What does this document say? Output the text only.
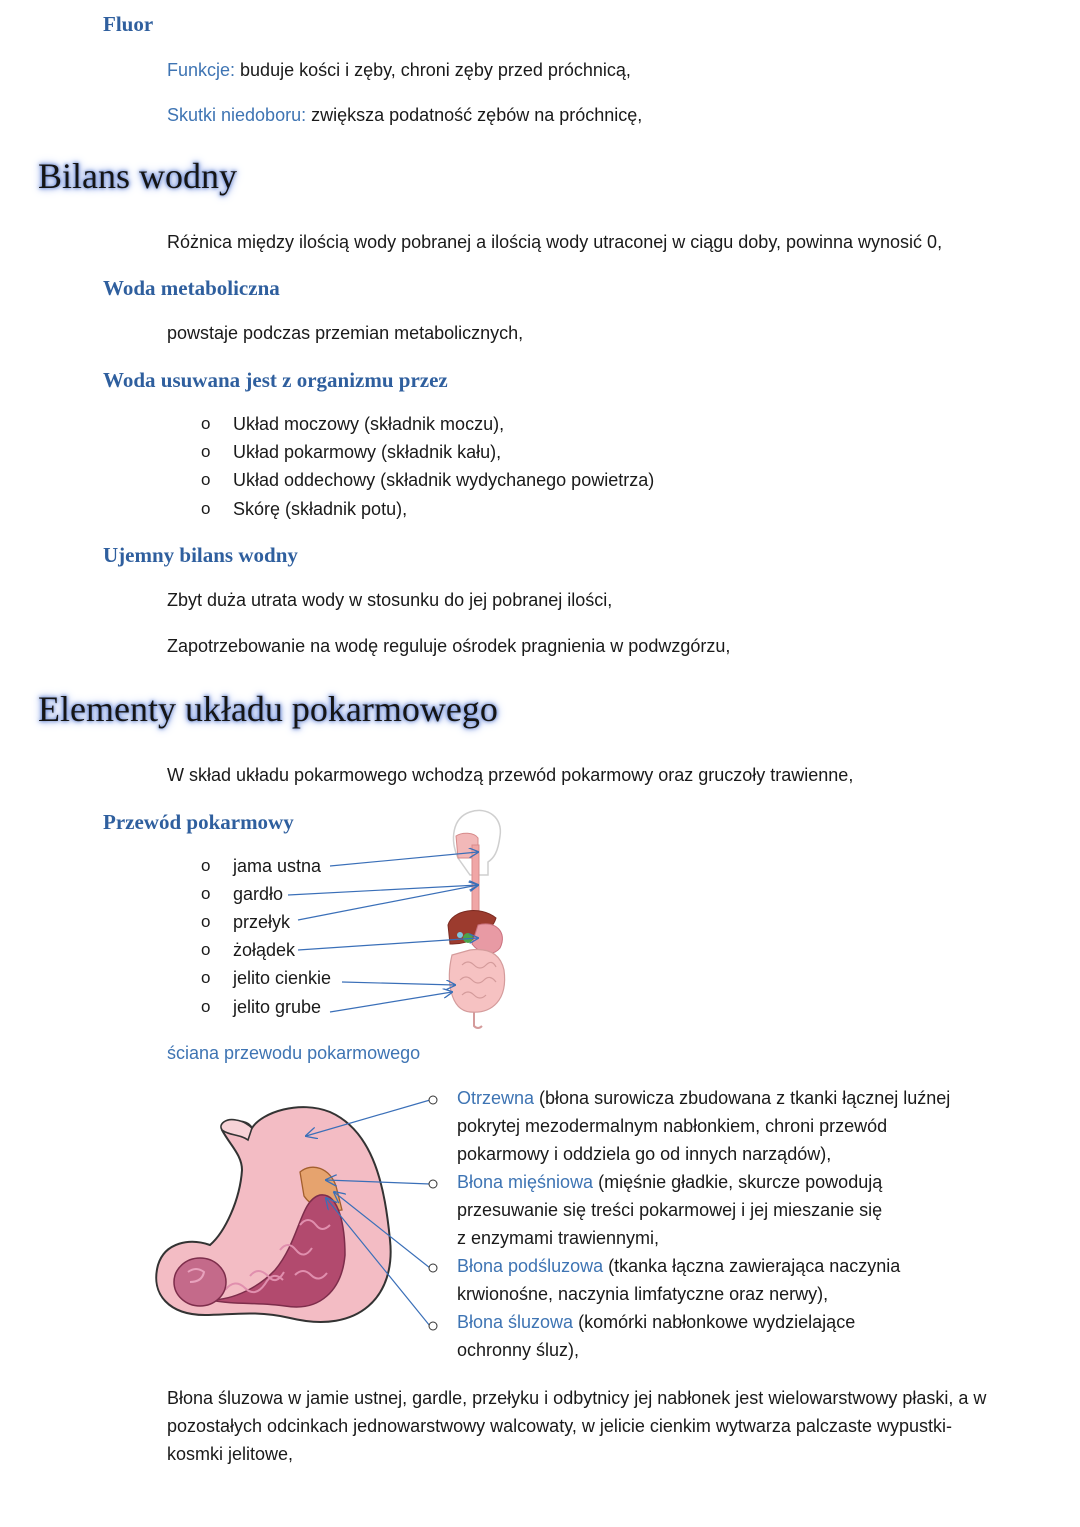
Fluor
Funkcje: buduje kości i zęby, chroni zęby przed próchnicą,
Skutki niedoboru: zwiększa podatność zębów na próchnicę,
Bilans wodny
Różnica między ilością wody pobranej a ilością wody utraconej w ciągu doby, powinna wynosić 0,
Woda metaboliczna
powstaje podczas przemian metabolicznych,
Woda usuwana jest z organizmu przez
o Układ moczowy (składnik moczu),
o Układ pokarmowy (składnik kału),
o Układ oddechowy (składnik wydychanego powietrza)
o Skórę (składnik potu),
Ujemny bilans wodny
Zbyt duża utrata wody w stosunku do jej pobranej ilości,
Zapotrzebowanie na wodę reguluje ośrodek pragnienia w podwzgórzu,
Elementy układu pokarmowego
W skład układu pokarmowego wchodzą przewód pokarmowy oraz gruczoły trawienne,
Przewód pokarmowy
o jama ustna
o gardło
o przełyk
o żołądek
o jelito cienkie
o jelito grube
ściana przewodu pokarmowego
Otrzewna (błona surowicza zbudowana z tkanki łącznej luźnej
pokrytej mezodermalnym nabłonkiem, chroni przewód
pokarmowy i oddziela go od innych narządów),
Błona mięśniowa (mięśnie gładkie, skurcze powodują
przesuwanie się treści pokarmowej i jej mieszanie się
z enzymami trawiennymi,
Błona podśluzowa (tkanka łączna zawierająca naczynia
krwionośne, naczynia limfatyczne oraz nerwy),
Błona śluzowa (komórki nabłonkowe wydzielające
ochronny śluz),
Błona śluzowa w jamie ustnej, gardle, przełyku i odbytnicy jej nabłonek jest wielowarstwowy płaski, a w pozostałych odcinkach jednowarstwowy walcowaty, w jelicie cienkim wytwarza palczaste wypustki- kosmki jelitowe,
